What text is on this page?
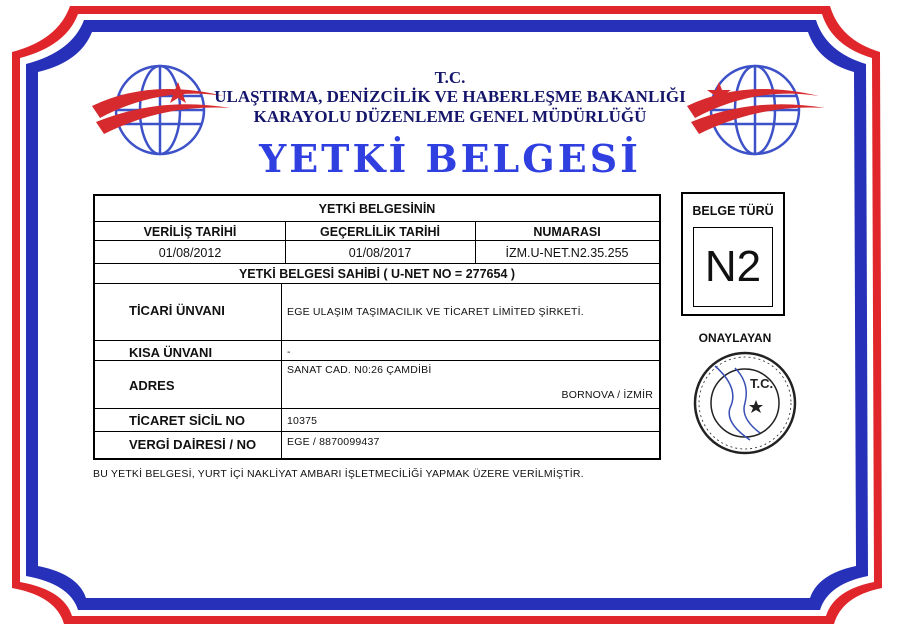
T.C.
ULAŞTIRMA, DENİZCİLİK VE HABERLEŞME BAKANLIĞI
KARAYOLU DÜZENLEME GENEL MÜDÜRLÜĞÜ
YETKİ BELGESİ
YETKİ BELGESİNİN
VERİLİŞ TARİHİ	GEÇERLİLİK TARİHİ	NUMARASI
01/08/2012	01/08/2017	İZM.U-NET.N2.35.255
YETKİ BELGESİ SAHİBİ ( U-NET NO = 277654 )
TİCARİ ÜNVANI	EGE ULAŞIM TAŞIMACILIK VE TİCARET LİMİTED ŞİRKETİ.
KISA ÜNVANI	-
ADRES
SANAT CAD. N0:26 ÇAMDİBİ
BORNOVA / İZMİR
TİCARET SİCİL NO	10375
VERGİ DAİRESİ / NO	EGE / 8870099437
BELGE TÜRÜ
N2
ONAYLAYAN
T.C.
BU YETKİ BELGESİ, YURT İÇİ NAKLİYAT AMBARI İŞLETMECİLİĞİ YAPMAK ÜZERE VERİLMİŞTİR.
